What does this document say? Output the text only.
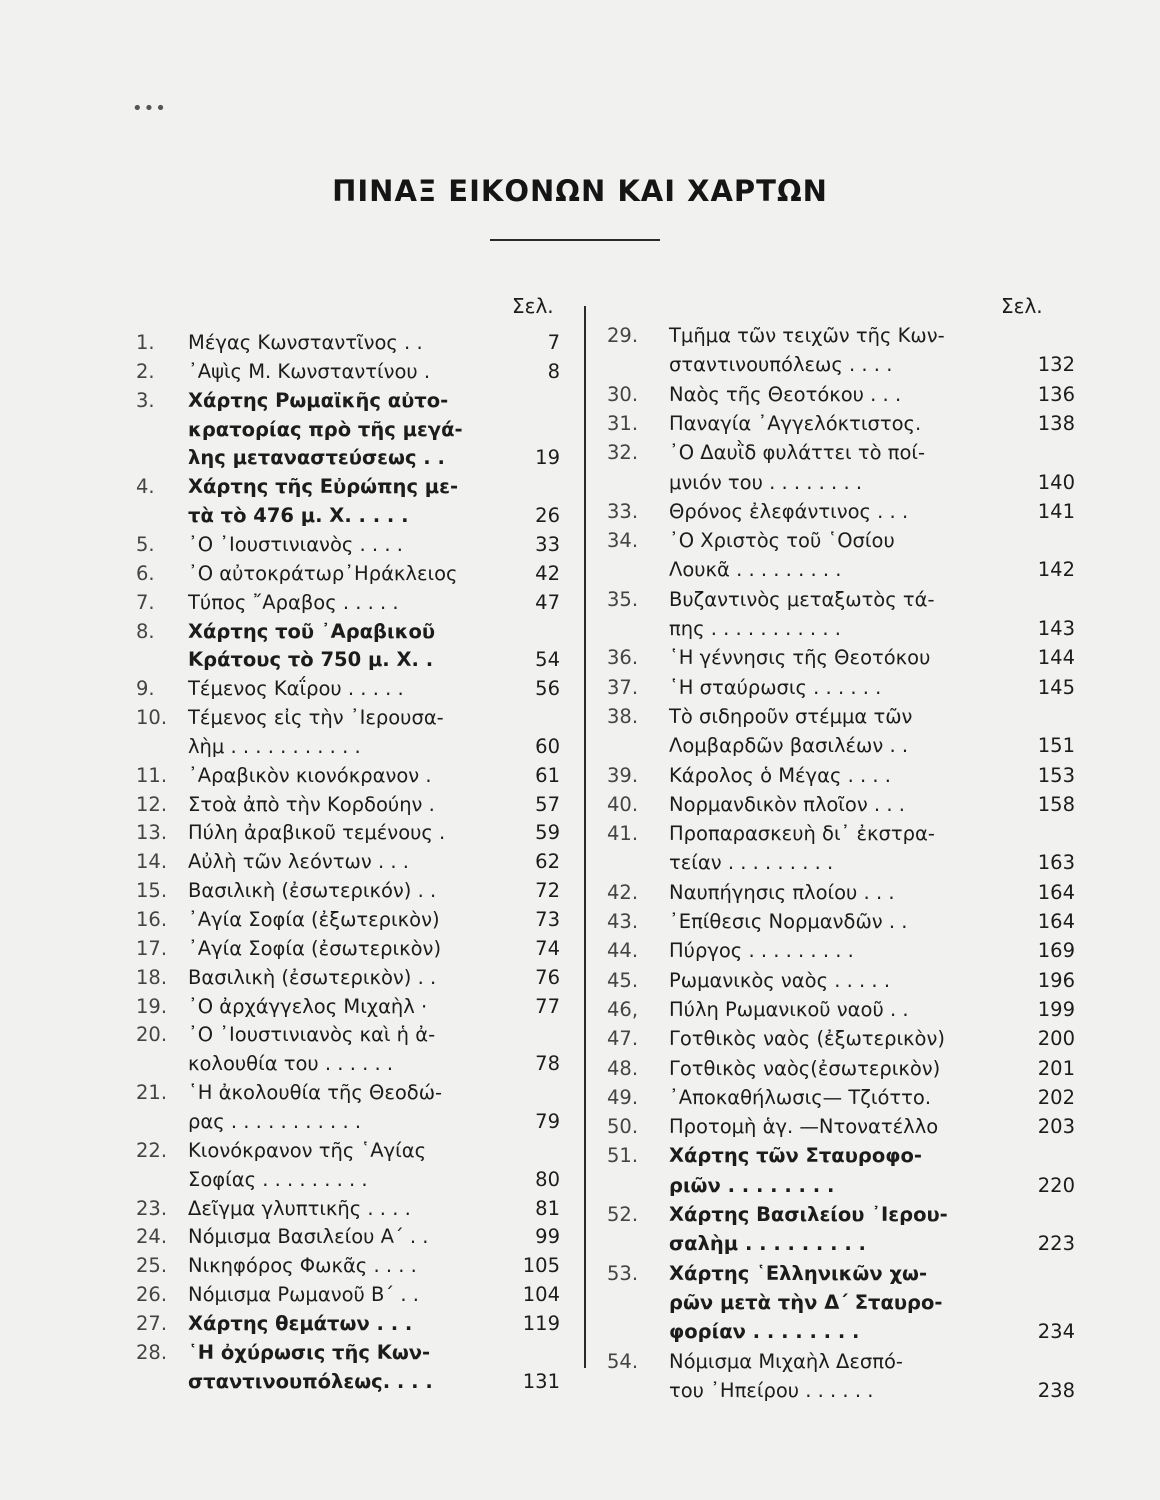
•••
ΠΙΝΑΞ ΕΙΚΟΝΩΝ ΚΑΙ ΧΑΡΤΩΝ
Σελ.	Σελ.
1. Μέγας Κωνσταντῖνος . .	7
2. ᾿Αψὶς Μ. Κωνσταντίνου .	8
3. Χάρτης Ρωμαϊκῆς αὐτο-
κρατορίας πρὸ τῆς μεγά-
λης μεταναστεύσεως . .	19
4. Χάρτης τῆς Εὐρώπης με-
τὰ τὸ 476 μ. Χ. . . . .	26
5. ᾿Ο ᾿Ιουστινιανὸς . . . .	33
6. ᾿Ο αὐτοκράτωρ᾿Ηράκλειος	42
7. Τύπος ῎Αραβος . . . . .	47
8. Χάρτης τοῦ ᾿Αραβικοῦ
Κράτους τὸ 750 μ. Χ. .	54
9. Τέμενος Καΐρου . . . . .	56
10. Τέμενος εἰς τὴν ᾿Ιερουσα-
λὴμ . . . . . . . . . . .	60
11. ᾿Αραβικὸν κιονόκρανον .	61
12. Στοὰ ἀπὸ τὴν Κορδούην .	57
13. Πύλη ἀραβικοῦ τεμένους .	59
14. Αὐλὴ τῶν λεόντων . . .	62
15. Βασιλικὴ (ἐσωτερικόν) . .	72
16. ᾿Αγία Σοφία (ἐξωτερικὸν)	73
17. ᾿Αγία Σοφία (ἐσωτερικὸν)	74
18. Βασιλικὴ (ἐσωτερικὸν) . .	76
19. ᾿Ο ἀρχάγγελος Μιχαὴλ ·	77
20. ᾿Ο ᾿Ιουστινιανὸς καὶ ἡ ἀ-
κολουθία του . . . . . .	78
21. ῾Η ἀκολουθία τῆς Θεοδώ-
ρας . . . . . . . . . . .	79
22. Κιονόκρανον τῆς ῾Αγίας
Σοφίας . . . . . . . . .	80
23. Δεῖγμα γλυπτικῆς . . . .	81
24. Νόμισμα Βασιλείου Α΄ . .	99
25. Νικηφόρος Φωκᾶς . . . .	105
26. Νόμισμα Ρωμανοῦ Β΄ . .	104
27. Χάρτης θεμάτων . . .	119
28. ῾Η ὀχύρωσις τῆς Κων-
σταντινουπόλεως. . . .	131
29. Τμῆμα τῶν τειχῶν τῆς Κων-
σταντινουπόλεως . . . .	132
30. Ναὸς τῆς Θεοτόκου . . .	136
31. Παναγία ᾿Αγγελόκτιστος.	138
32. ᾿Ο Δαυῒδ φυλάττει τὸ ποί-
μνιόν του . . . . . . . .	140
33. Θρόνος ἐλεφάντινος . . .	141
34. ᾿Ο Χριστὸς τοῦ ῾Οσίου
Λουκᾶ . . . . . . . . .	142
35. Βυζαντινὸς μεταξωτὸς τά-
πης . . . . . . . . . . .	143
36. ῾Η γέννησις τῆς Θεοτόκου	144
37. ῾Η σταύρωσις . . . . . .	145
38. Τὸ σιδηροῦν στέμμα τῶν
Λομβαρδῶν βασιλέων . .	151
39. Κάρολος ὁ Μέγας . . . .	153
40. Νορμανδικὸν πλοῖον . . .	158
41. Προπαρασκευὴ δι᾿ ἐκστρα-
τείαν . . . . . . . . .	163
42. Ναυπήγησις πλοίου . . .	164
43. ᾿Επίθεσις Νορμανδῶν . .	164
44. Πύργος . . . . . . . . .	169
45. Ρωμανικὸς ναὸς . . . . .	196
46, Πύλη Ρωμανικοῦ ναοῦ . .	199
47. Γοτθικὸς ναὸς (ἐξωτερικὸν)	200
48. Γοτθικὸς ναὸς(ἐσωτερικὸν)	201
49. ᾿Αποκαθήλωσις— Τζιόττο.	202
50. Προτομὴ ἁγ. —Ντονατέλλο	203
51. Χάρτης τῶν Σταυροφο-
ριῶν . . . . . . . .	220
52. Χάρτης Βασιλείου ᾿Ιερου-
σαλὴμ . . . . . . . . .	223
53. Χάρτης ῾Ελληνικῶν χω-
ρῶν μετὰ τὴν Δ΄ Σταυρο-
φορίαν . . . . . . . .	234
54. Νόμισμα Μιχαὴλ Δεσπό-
του ᾿Ηπείρου . . . . . .	238
